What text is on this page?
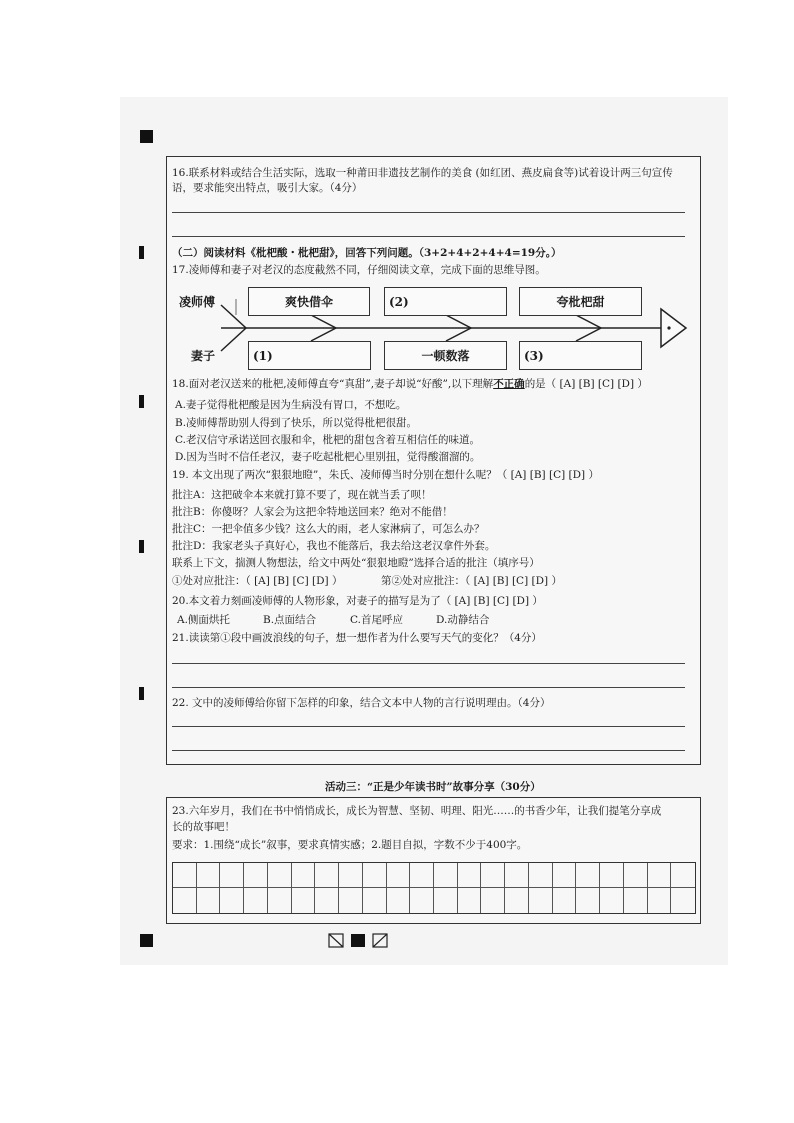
16.联系材料或结合生活实际，选取一种莆田非遗技艺制作的美食 (如红团、燕皮扁食等)试着设计两三句宣传
语，要求能突出特点，吸引大家。（4分）
（二）阅读材料《枇杷酸・枇杷甜》，回答下列问题。（3+2+4+2+4+4=19分。）
17.凌师傅和妻子对老汉的态度截然不同，仔细阅读文章，完成下面的思维导图。
凌师傅
妻子
爽快借伞	(2)	夸枇杷甜
(1)	一顿数落	(3)
18.面对老汉送来的枇杷,凌师傅直夸“真甜”,妻子却说“好酸”,以下理解不正确的是（ [A] [B] [C] [D] ）
A.妻子觉得枇杷酸是因为生病没有胃口，不想吃。
B.凌师傅帮助别人得到了快乐，所以觉得枇杷很甜。
C.老汉信守承诺送回衣服和伞，枇杷的甜包含着互相信任的味道。
D.因为当时不信任老汉，妻子吃起枇杷心里别扭，觉得酸溜溜的。
19. 本文出现了两次“狠狠地瞪”，朱氏、凌师傅当时分别在想什么呢？（ [A] [B] [C] [D] ）
批注A：这把破伞本来就打算不要了，现在就当丢了呗！
批注B：你傻呀？人家会为这把伞特地送回来？绝对不能借！
批注C：一把伞值多少钱？这么大的雨，老人家淋病了，可怎么办？
批注D：我家老头子真好心，我也不能落后，我去给这老汉拿件外套。
联系上下文，揣测人物想法，给文中两处“狠狠地瞪”选择合适的批注（填序号）
①处对应批注：（ [A] [B] [C] [D] ）	第②处对应批注：（ [A] [B] [C] [D] ）
20.本文着力刻画凌师傅的人物形象，对妻子的描写是为了（ [A] [B] [C] [D] ）
A.侧面烘托	B.点面结合	C.首尾呼应	D.动静结合
21.读读第①段中画波浪线的句子，想一想作者为什么要写天气的变化？（4分）
22. 文中的凌师傅给你留下怎样的印象，结合文本中人物的言行说明理由。（4分）
活动三：“正是少年读书时”故事分享（30分）
23.六年岁月，我们在书中悄悄成长，成长为智慧、坚韧、明理、阳光……的书香少年，让我们提笔分享成
长的故事吧！
要求：1.围绕“成长”叙事，要求真情实感；2.题目自拟，字数不少于400字。
